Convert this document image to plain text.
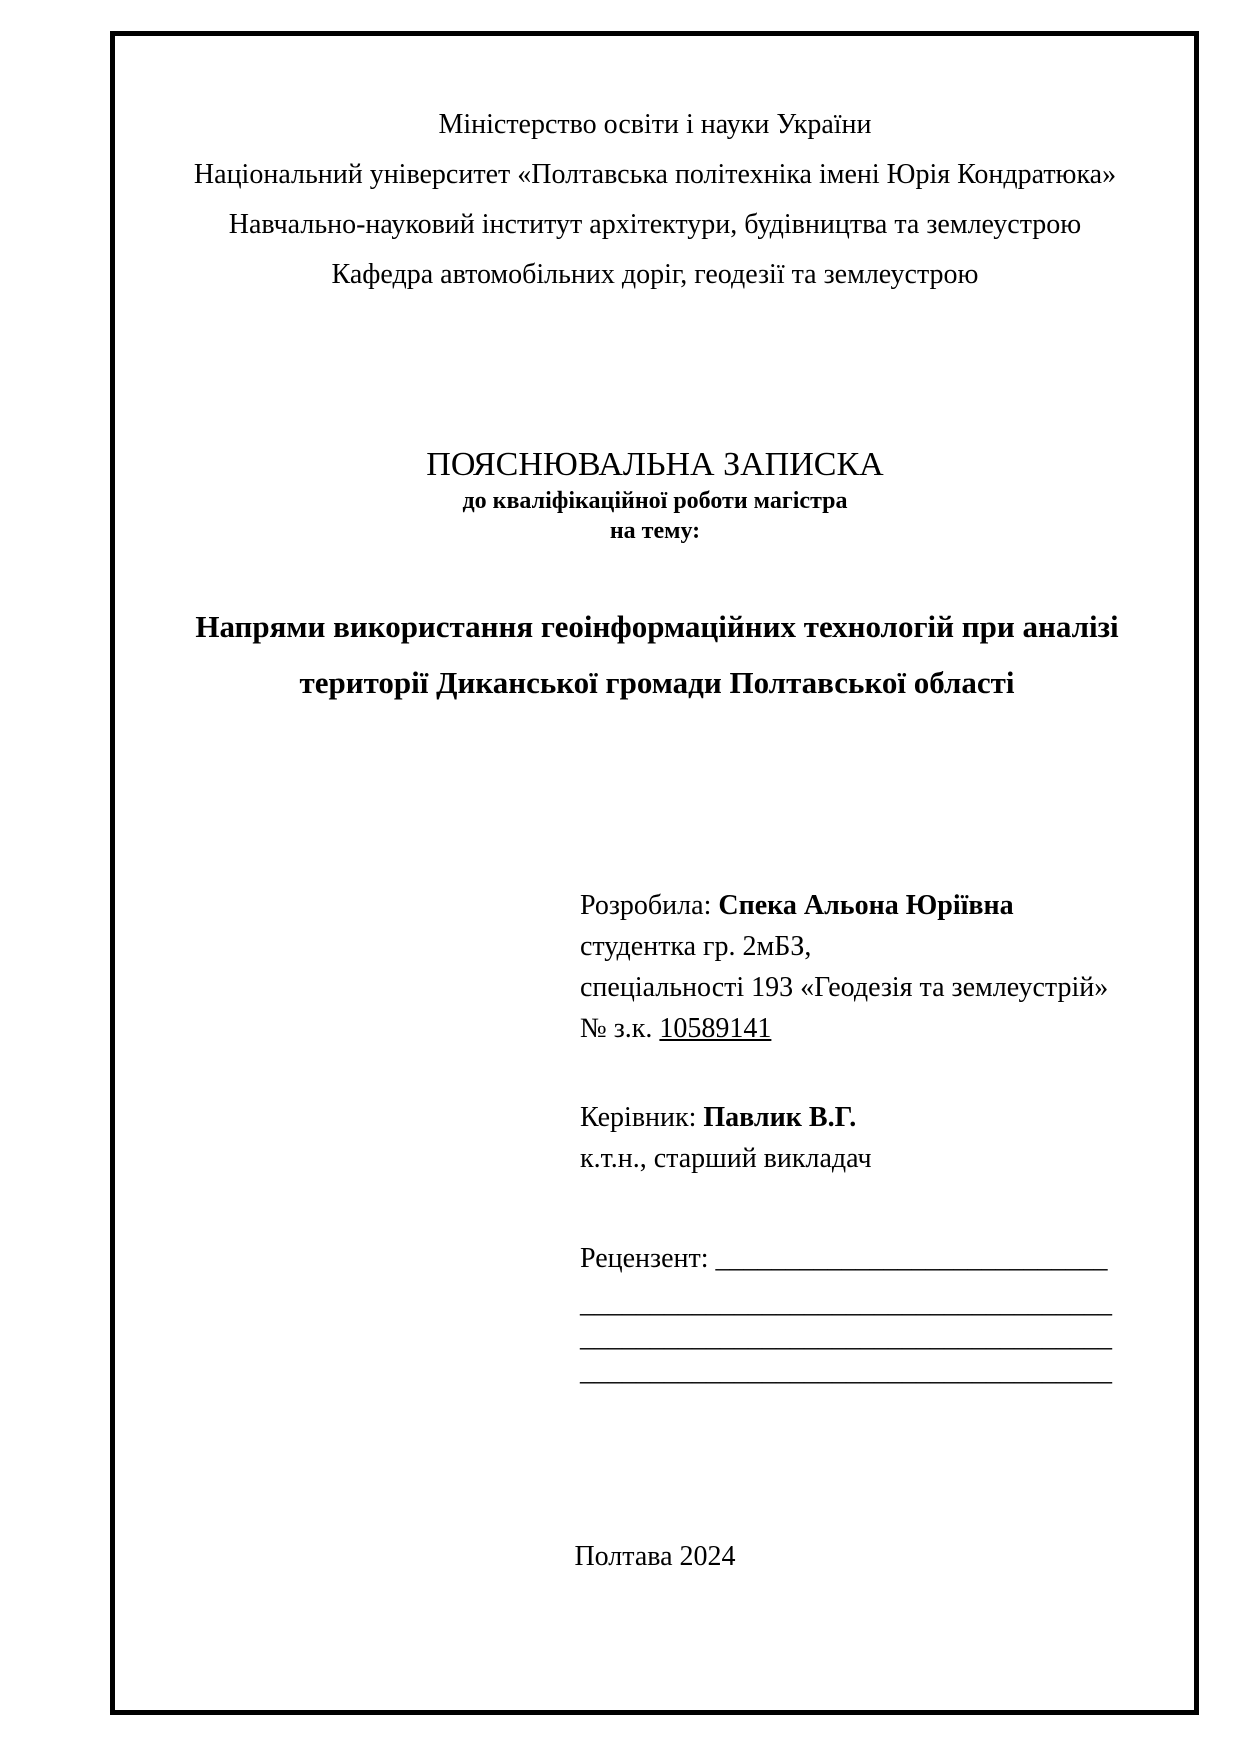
Міністерство освіти і науки України
Національний університет «Полтавська політехніка імені Юрія Кондратюка»
Навчально-науковий інститут архітектури, будівництва та землеустрою
Кафедра автомобільних доріг, геодезії та землеустрою
ПОЯСНЮВАЛЬНА ЗАПИСКА
до кваліфікаційної роботи магістра
на тему:
Напрями використання геоінформаційних технологій при аналізі території Диканської громади Полтавської області
Розробила: Спека Альона Юріївна
студентка гр. 2мБЗ,
спеціальності 193 «Геодезія та землеустрій»
№ з.к. 10589141
Керівник: Павлик В.Г.
к.т.н., старший викладач
Рецензент: ____________________________
______________________________________
______________________________________
______________________________________
Полтава 2024
